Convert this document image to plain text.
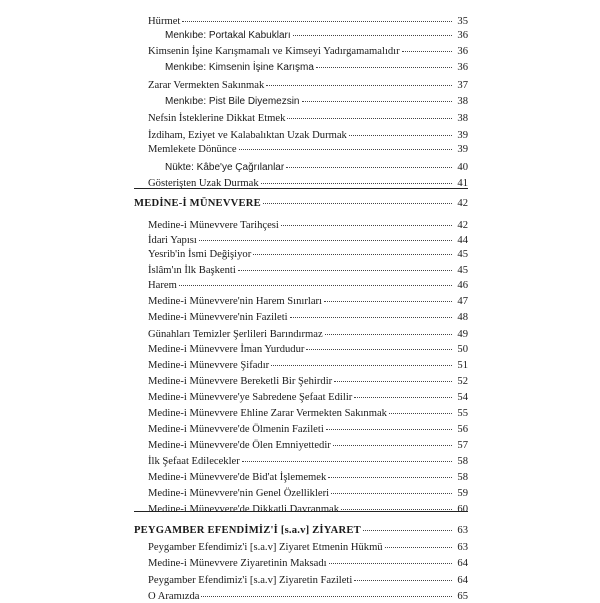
Hürmet	35
Menkıbe: Portakal Kabukları	36
Kimsenin İşine Karışmamalı ve Kimseyi Yadırgamamalıdır	36
Menkıbe: Kimsenin İşine Karışma	36
Zarar Vermekten Sakınmak	37
Menkıbe: Pist Bile Diyemezsin	38
Nefsin İsteklerine Dikkat Etmek	38
İzdiham, Eziyet ve Kalabalıktan Uzak Durmak	39
Memlekete Dönünce	39
Nükte: Kâbe'ye Çağrılanlar	40
Gösterişten Uzak Durmak	41
MEDİNE-İ MÜNEVVERE	42
Medine-i Münevvere Tarihçesi	42
İdari Yapısı	44
Yesrib'in İsmi Değişiyor	45
İslâm'ın İlk Başkenti	45
Harem	46
Medine-i Münevvere'nin Harem Sınırları	47
Medine-i Münevvere'nin Fazileti	48
Günahları Temizler Şerlileri Barındırmaz	49
Medine-i Münevvere İman Yurdudur	50
Medine-i Münevvere Şifadır	51
Medine-i Münevvere Bereketli Bir Şehirdir	52
Medine-i Münevvere'ye Sabredene Şefaat Edilir	54
Medine-i Münevvere Ehline Zarar Vermekten Sakınmak	55
Medine-i Münevvere'de Ölmenin Fazileti	56
Medine-i Münevvere'de Ölen Emniyettedir	57
İlk Şefaat Edilecekler	58
Medine-i Münevvere'de Bid'at İşlememek	58
Medine-i Münevvere'nin Genel Özellikleri	59
Medine-i Münevvere'de Dikkatli Davranmak	60
PEYGAMBER EFENDİMİZ'İ [s.a.v] ZİYARET	63
Peygamber Efendimiz'i [s.a.v] Ziyaret Etmenin Hükmü	63
Medine-i Münevvere Ziyaretinin Maksadı	64
Peygamber Efendimiz'i [s.a.v] Ziyaretin Fazileti	64
O Aramızda	65
